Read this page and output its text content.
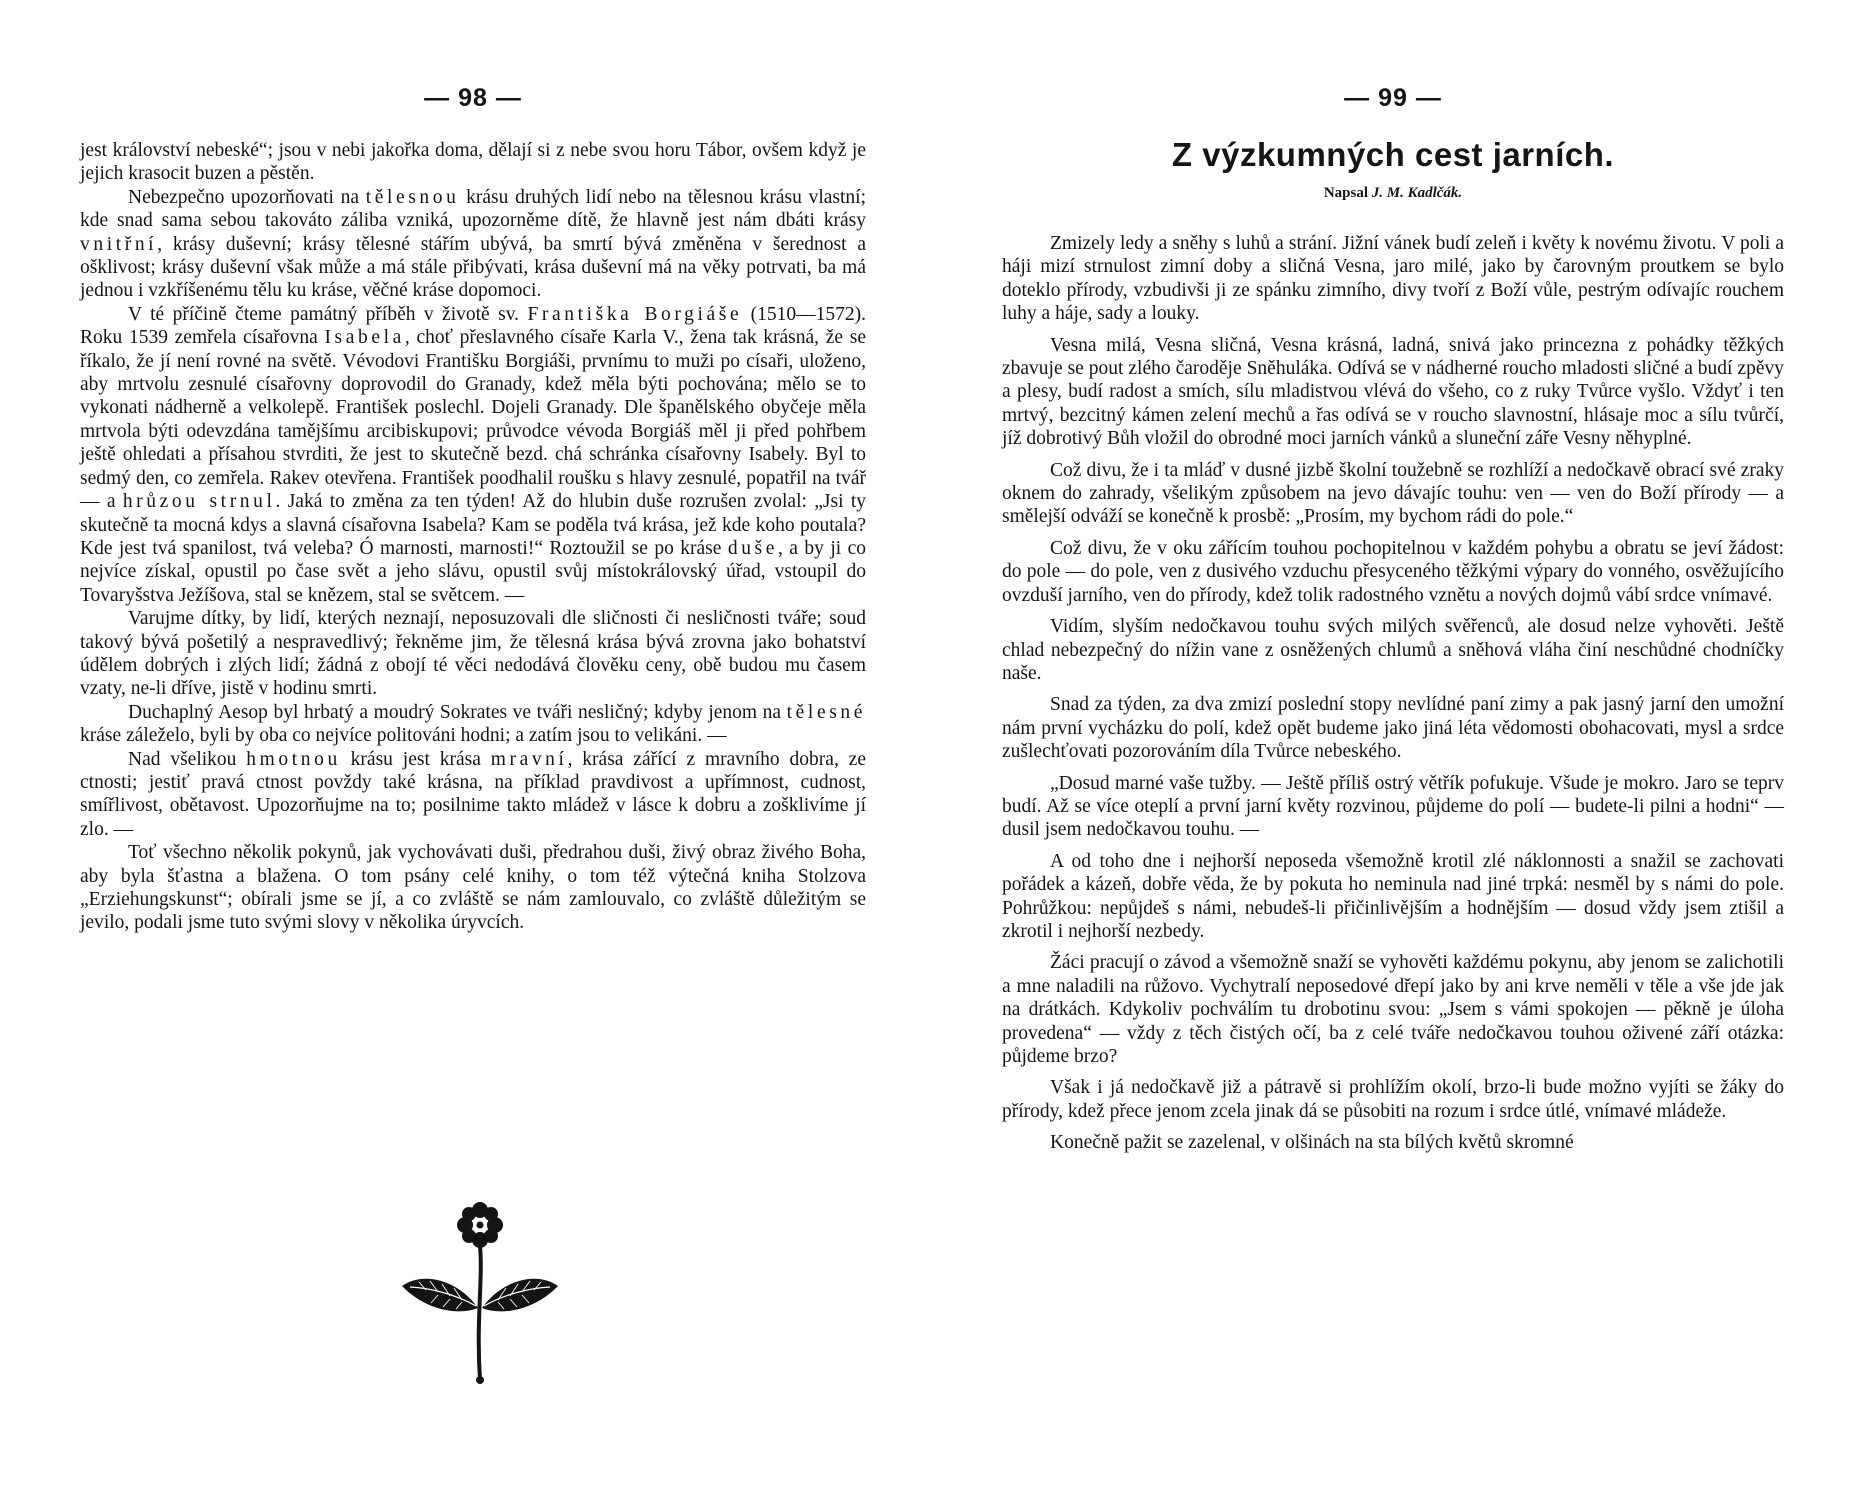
— 98 —

jest království nebeské“; jsou v nebi jakořka doma, dělají si z nebe svou horu Tábor, ovšem když je jejich krasocit buzen a pěstěn.

Nebezpečno upozorňovati na tělesnou krásu druhých lidí nebo na tělesnou krásu vlastní; kde snad sama sebou takováto záliba vzniká, upozorněme dítě, že hlavně jest nám dbáti krásy vnitřní, krásy duševní; krásy tělesné stářím ubývá, ba smrtí bývá změněna v šerednost a ošklivost; krásy duševní však může a má stále přibývati, krása duševní má na věky potrvati, ba má jednou i vzkříšenému tělu ku kráse, věčné kráse dopomoci.

V té příčině čteme památný příběh v životě sv. Františka Borgiáše (1510—1572). Roku 1539 zemřela císařovna Isabela, choť přeslavného císaře Karla V., žena tak krásná, že se říkalo, že jí není rovné na světě. Vévodovi Františku Borgiáši, prvnímu to muži po císaři, uloženo, aby mrtvolu zesnulé císařovny doprovodil do Granady, kdež měla býti pochována; mělo se to vykonati nádherně a velkolepě. František poslechl. Dojeli Granady. Dle španělského obyčeje měla mrtvola býti odevzdána tamějšímu arcibiskupovi; průvodce vévoda Borgiáš měl ji před pohřbem ještě ohledati a přísahou stvrditi, že jest to skutečně bezd. chá schránka císařovny Isabely. Byl to sedmý den, co zemřela. Rakev otevřena. František poodhalil roušku s hlavy zesnulé, popatřil na tvář — a hrůzou strnul. Jaká to změna za ten týden! Až do hlubin duše rozrušen zvolal: „Jsi ty skutečně ta mocná kdys a slavná císařovna Isabela? Kam se poděla tvá krása, jež kde koho poutala? Kde jest tvá spanilost, tvá veleba? Ó marnosti, marnosti!“ Roztoužil se po kráse duše, a by ji co nejvíce získal, opustil po čase svět a jeho slávu, opustil svůj místokrálovský úřad, vstoupil do Tovaryšstva Ježíšova, stal se knězem, stal se světcem. —

Varujme dítky, by lidí, kterých neznají, neposuzovali dle sličnosti či nesličnosti tváře; soud takový bývá pošetilý a nespravedlivý; řekněme jim, že tělesná krása bývá zrovna jako bohatství údělem dobrých i zlých lidí; žádná z obojí té věci nedodává člověku ceny, obě budou mu časem vzaty, ne-li dříve, jistě v hodinu smrti.

Duchaplný Aesop byl hrbatý a moudrý Sokrates ve tváři nesličný; kdyby jenom na tělesné kráse záleželo, byli by oba co nejvíce politováni hodni; a zatím jsou to velikáni. —

Nad všelikou hmotnou krásu jest krása mravní, krása zářící z mravního dobra, ze ctnosti; jestiť pravá ctnost povždy také krásna, na příklad pravdivost a upřímnost, cudnost, smířlivost, obětavost. Upozorňujme na to; posilnime takto mládež v lásce k dobru a zošklivíme jí zlo. —

Toť všechno několik pokynů, jak vychovávati duši, předrahou duši, živý obraz živého Boha, aby byla šťastna a blažena. O tom psány celé knihy, o tom též výtečná kniha Stolzova „Erziehungskunst“; obírali jsme se jí, a co zvláště se nám zamlouvalo, co zvláště důležitým se jevilo, podali jsme tuto svými slovy v několika úryvcích.

— 99 —
Z výzkumných cest jarních.
Napsal J. M. Kadlčák.

Zmizely ledy a sněhy s luhů a strání. Jižní vánek budí zeleň i květy k novému životu. V poli a háji mizí strnulost zimní doby a sličná Vesna, jaro milé, jako by čarovným proutkem se bylo doteklo přírody, vzbudivši ji ze spánku zimního, divy tvoří z Boží vůle, pestrým odívajíc rouchem luhy a háje, sady a louky.

Vesna milá, Vesna sličná, Vesna krásná, ladná, snivá jako princezna z pohádky těžkých zbavuje se pout zlého čaroděje Sněhuláka. Odívá se v nádherné roucho mladosti sličné a budí zpěvy a plesy, budí radost a smích, sílu mladistvou vlévá do všeho, co z ruky Tvůrce vyšlo. Vždyť i ten mrtvý, bezcitný kámen zelení mechů a řas odívá se v roucho slavnostní, hlásaje moc a sílu tvůrčí, jíž dobrotivý Bůh vložil do obrodné moci jarních vánků a sluneční záře Vesny něhyplné.

Což divu, že i ta mláď v dusné jizbě školní toužebně se rozhlíží a nedočkavě obrací své zraky oknem do zahrady, všelikým způsobem na jevo dávajíc touhu: ven — ven do Boží přírody — a smělejší odváží se konečně k prosbě: „Prosím, my bychom rádi do pole.“

Což divu, že v oku zářícím touhou pochopitelnou v každém pohybu a obratu se jeví žádost: do pole — do pole, ven z dusivého vzduchu přesyceného těžkými výpary do vonného, osvěžujícího ovzduší jarního, ven do přírody, kdež tolik radostného vznětu a nových dojmů vábí srdce vnímavé.

Vidím, slyším nedočkavou touhu svých milých svěřenců, ale dosud nelze vyhověti. Ještě chlad nebezpečný do nížin vane z osněžených chlumů a sněhová vláha činí neschůdné chodníčky naše.

Snad za týden, za dva zmizí poslední stopy nevlídné paní zimy a pak jasný jarní den umožní nám první vycházku do polí, kdež opět budeme jako jiná léta vědomosti obohacovati, mysl a srdce zušlechťovati pozorováním díla Tvůrce nebeského.

„Dosud marné vaše tužby. — Ještě příliš ostrý větřík pofukuje. Všude je mokro. Jaro se teprv budí. Až se více oteplí a první jarní květy rozvinou, půjdeme do polí — budete-li pilni a hodni“ — dusil jsem nedočkavou touhu. —

A od toho dne i nejhorší neposeda všemožně krotil zlé náklonnosti a snažil se zachovati pořádek a kázeň, dobře věda, že by pokuta ho neminula nad jiné trpká: nesměl by s námi do pole. Pohrůžkou: nepůjdeš s námi, nebudeš-li přičinlivějším a hodnějším — dosud vždy jsem ztišil a zkrotil i nejhorší nezbedy.

Žáci pracují o závod a všemožně snaží se vyhověti každému pokynu, aby jenom se zalichotili a mne naladili na růžovo. Vychytralí neposedové dřepí jako by ani krve neměli v těle a vše jde jak na drátkách. Kdykoliv pochválím tu drobotinu svou: „Jsem s vámi spokojen — pěkně je úloha provedena“ — vždy z těch čistých očí, ba z celé tváře nedočkavou touhou oživené září otázka: půjdeme brzo?

Však i já nedočkavě již a pátravě si prohlížím okolí, brzo-li bude možno vyjíti se žáky do přírody, kdež přece jenom zcela jinak dá se působiti na rozum i srdce útlé, vnímavé mládeže.

Konečně pažit se zazelenal, v olšinách na sta bílých květů skromné
